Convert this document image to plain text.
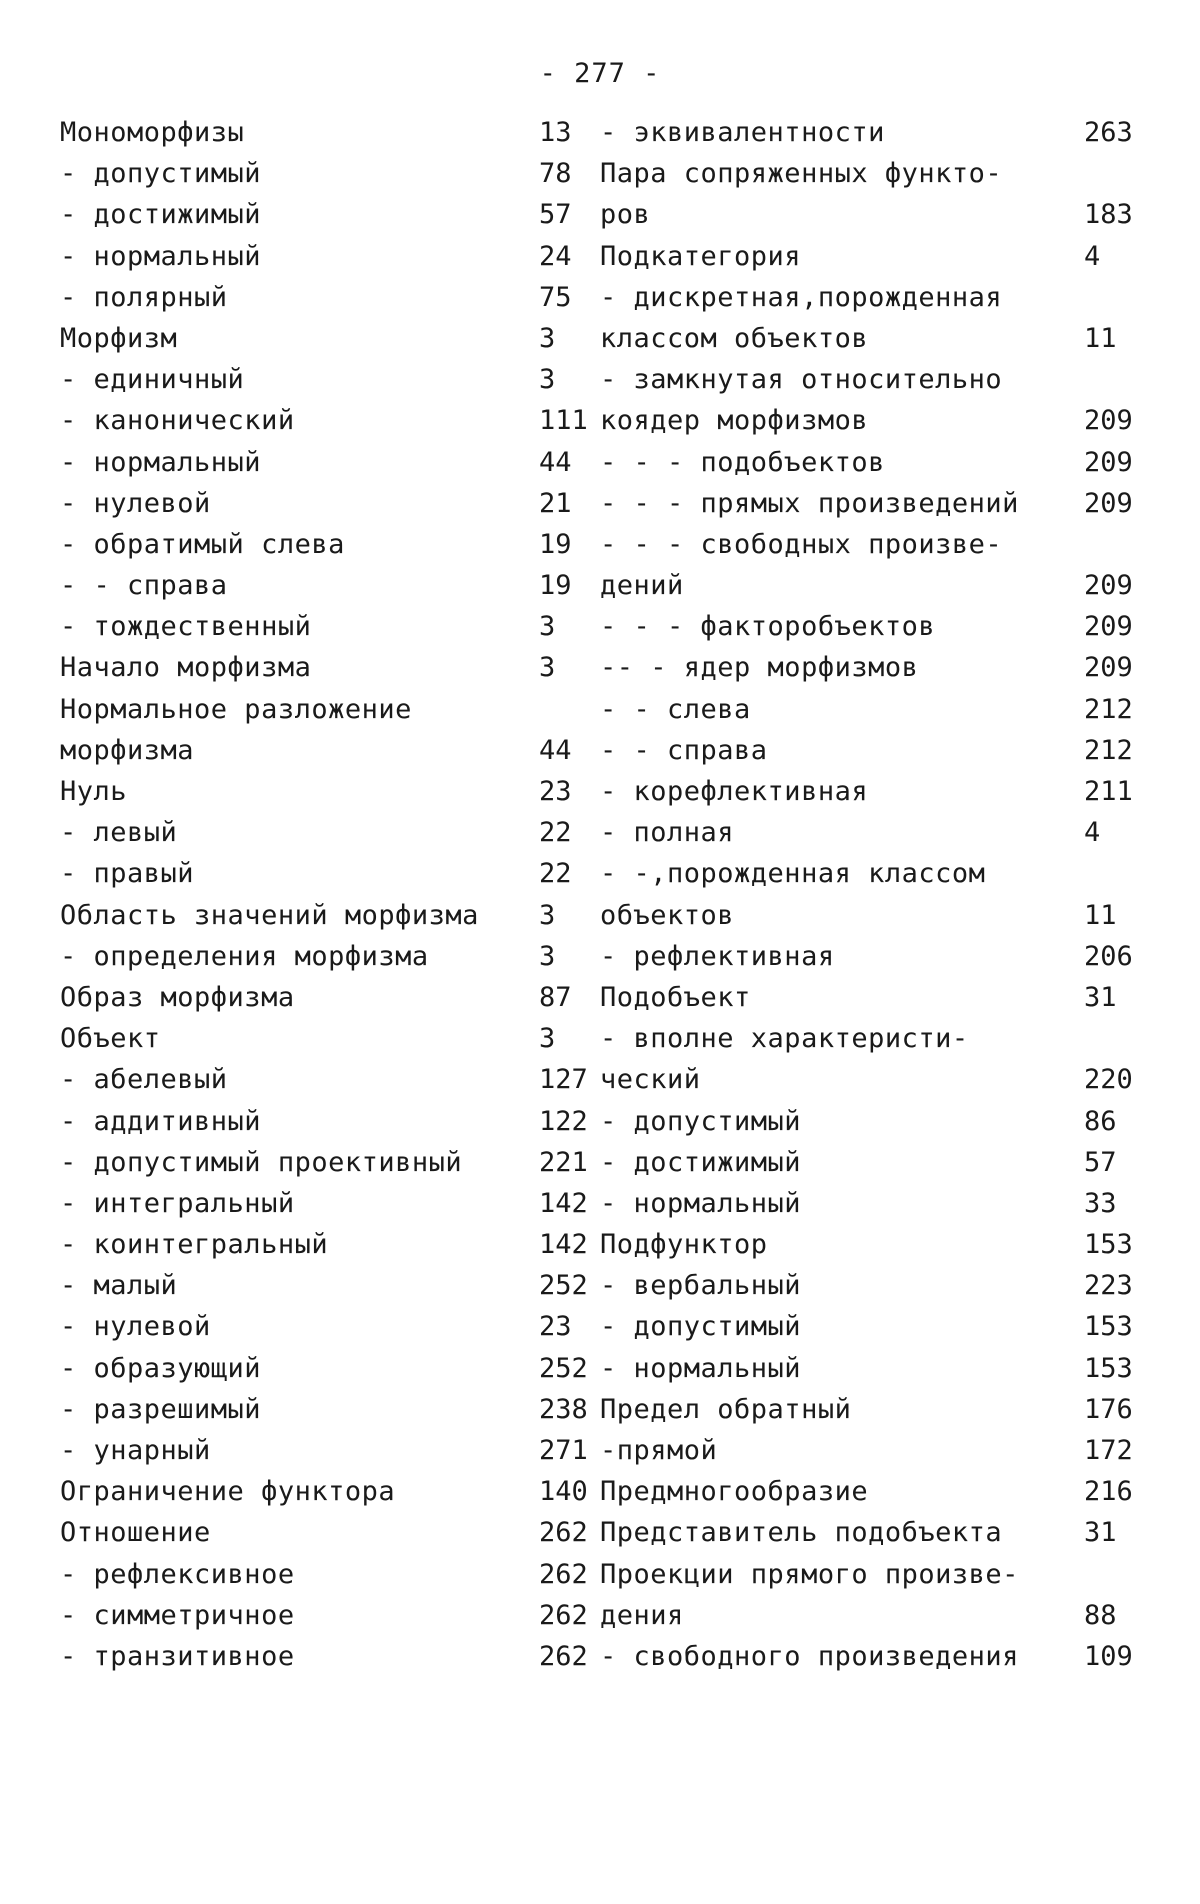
- 277 -
Мономорфизы	13
- допустимый	78
- достижимый	57
- нормальный	24
- полярный	75
Морфизм	3
- единичный	3
- канонический	111
- нормальный	44
- нулевой	21
- обратимый слева	19
- - справа	19
- тождественный	3
Начало морфизма	3
Нормальное разложение
морфизма	44
Нуль	23
- левый	22
- правый	22
Область значений морфизма 3
- определения морфизма	3
Образ морфизма	87
Объект	3
- абелевый	127
- аддитивный	122
- допустимый проективный	221
- интегральный	142
- коинтегральный	142
- малый	252
- нулевой	23
- образующий	252
- разрешимый	238
- унарный	271
Ограничение функтора	140
Отношение	262
- рефлексивное	262
- симметричное	262
- транзитивное	262
- эквивалентности	263
Пара сопряженных функто-
ров	183
Подкатегория	4
- дискретная,порожденная
классом объектов	11
- замкнутая относительно
коядер морфизмов	209
- - - подобъектов	209
- - - прямых произведений 209
- - - свободных произве-
дений	209
- - - факторобъектов	209
-- - ядер морфизмов	209
- - слева	212
- - справа	212
- корефлективная	211
- полная	4
- -,порожденная классом
объектов	11
- рефлективная	206
Подобъект	31
- вполне характеристи-
ческий	220
- допустимый	86
- достижимый	57
- нормальный	33
Подфунктор	153
- вербальный	223
- допустимый	153
- нормальный	153
Предел обратный	176
-прямой	172
Предмногообразие	216
Представитель подобъекта	31
Проекции прямого произве-
дения	88
- свободного произведения 109
